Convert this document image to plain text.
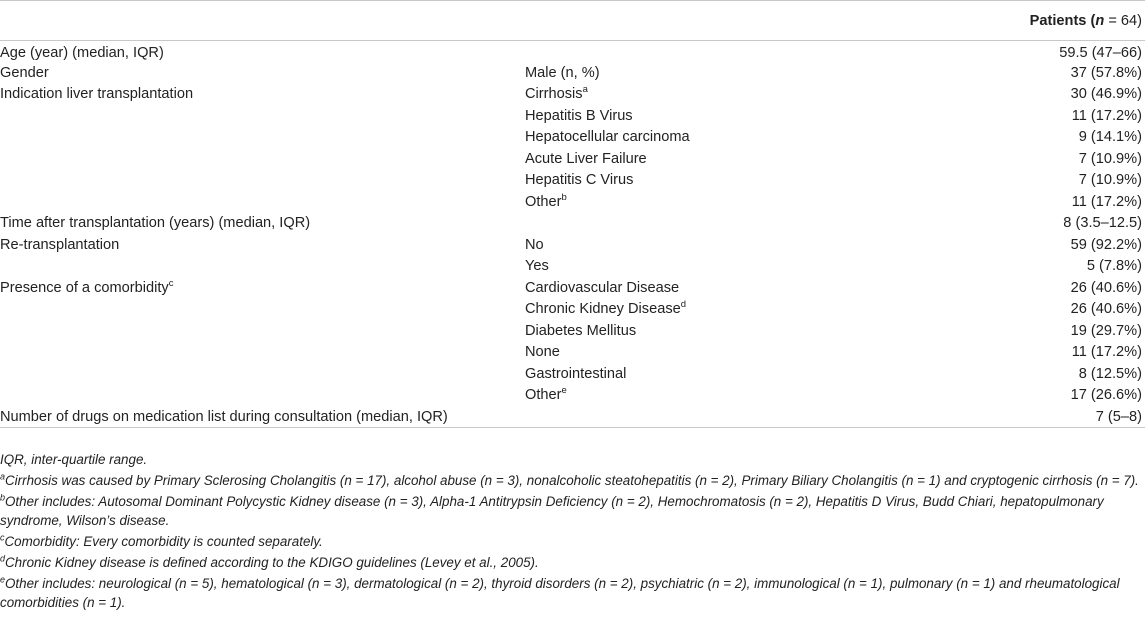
		Patients (n = 64)
Age (year) (median, IQR)		59.5 (47–66)
Gender	Male (n, %)	37 (57.8%)
Indication liver transplantation	Cirrhosis$^a$	30 (46.9%)
	Hepatitis B Virus	11 (17.2%)
	Hepatocellular carcinoma	9 (14.1%)
	Acute Liver Failure	7 (10.9%)
	Hepatitis C Virus	7 (10.9%)
	Other$^b$	11 (17.2%)
Time after transplantation (years) (median, IQR)		8 (3.5–12.5)
Re-transplantation	No	59 (92.2%)
	Yes	5 (7.8%)
Presence of a comorbidity$^c$	Cardiovascular Disease	26 (40.6%)
	Chronic Kidney Disease$^d$	26 (40.6%)
	Diabetes Mellitus	19 (29.7%)
	None	11 (17.2%)
	Gastrointestinal	8 (12.5%)
	Other$^e$	17 (26.6%)
Number of drugs on medication list during consultation (median, IQR)		7 (5–8)

IQR, inter-quartile range.

$^a$Cirrhosis was caused by Primary Sclerosing Cholangitis (n = 17), alcohol abuse (n = 3), nonalcoholic steatohepatitis (n = 2), Primary Biliary Cholangitis (n = 1) and cryptogenic cirrhosis (n = 7).

$^b$Other includes: Autosomal Dominant Polycystic Kidney disease (n = 3), Alpha-1 Antitrypsin Deficiency (n = 2), Hemochromatosis (n = 2), Hepatitis D Virus, Budd Chiari, hepatopulmonary syndrome, Wilson’s disease.

$^c$Comorbidity: Every comorbidity is counted separately.

$^d$Chronic Kidney disease is defined according to the KDIGO guidelines (Levey et al., 2005).

$^e$Other includes: neurological (n = 5), hematological (n = 3), dermatological (n = 2), thyroid disorders (n = 2), psychiatric (n = 2), immunological (n = 1), pulmonary (n = 1) and rheumatological comorbidities (n = 1).
